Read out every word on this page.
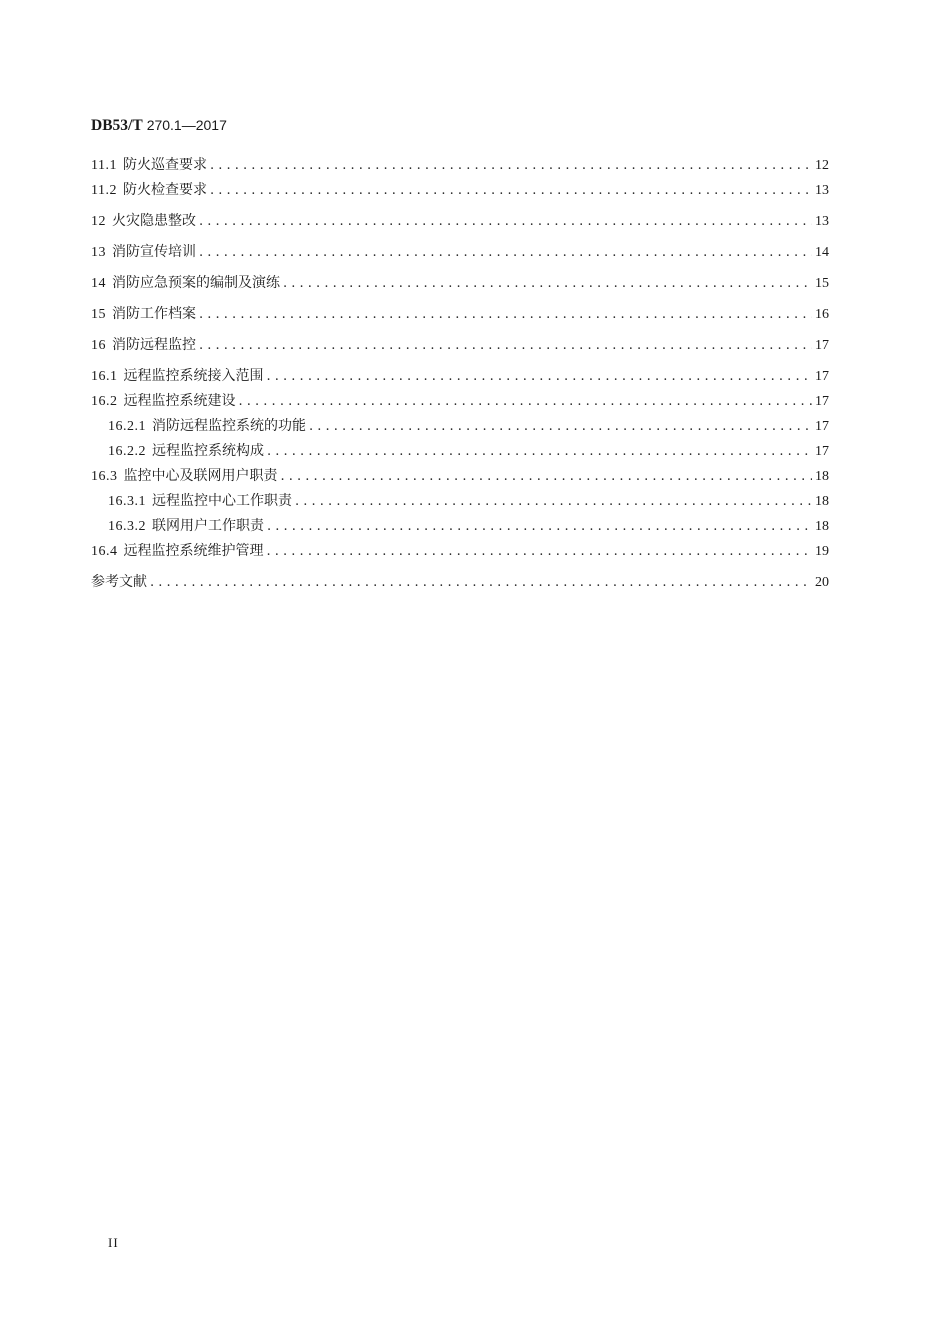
DB53/T 270.1—2017
11.1 防火巡查要求 . . .	12
11.2 防火检查要求 . . .	13
12 火灾隐患整改 . . .	13
13 消防宣传培训 . . .	14
14 消防应急预案的编制及演练 . . .	15
15 消防工作档案 . . .	16
16 消防远程监控 . . .	17
16.1 远程监控系统接入范围 . . .	17
16.2 远程监控系统建设 . . .	17
16.2.1 消防远程监控系统的功能 . . .	17
16.2.2 远程监控系统构成 . . .	17
16.3 监控中心及联网用户职责 . . .	18
16.3.1 远程监控中心工作职责 . . .	18
16.3.2 联网用户工作职责 . . .	18
16.4 远程监控系统维护管理 . . .	19
参考文献 . . .	20
II
